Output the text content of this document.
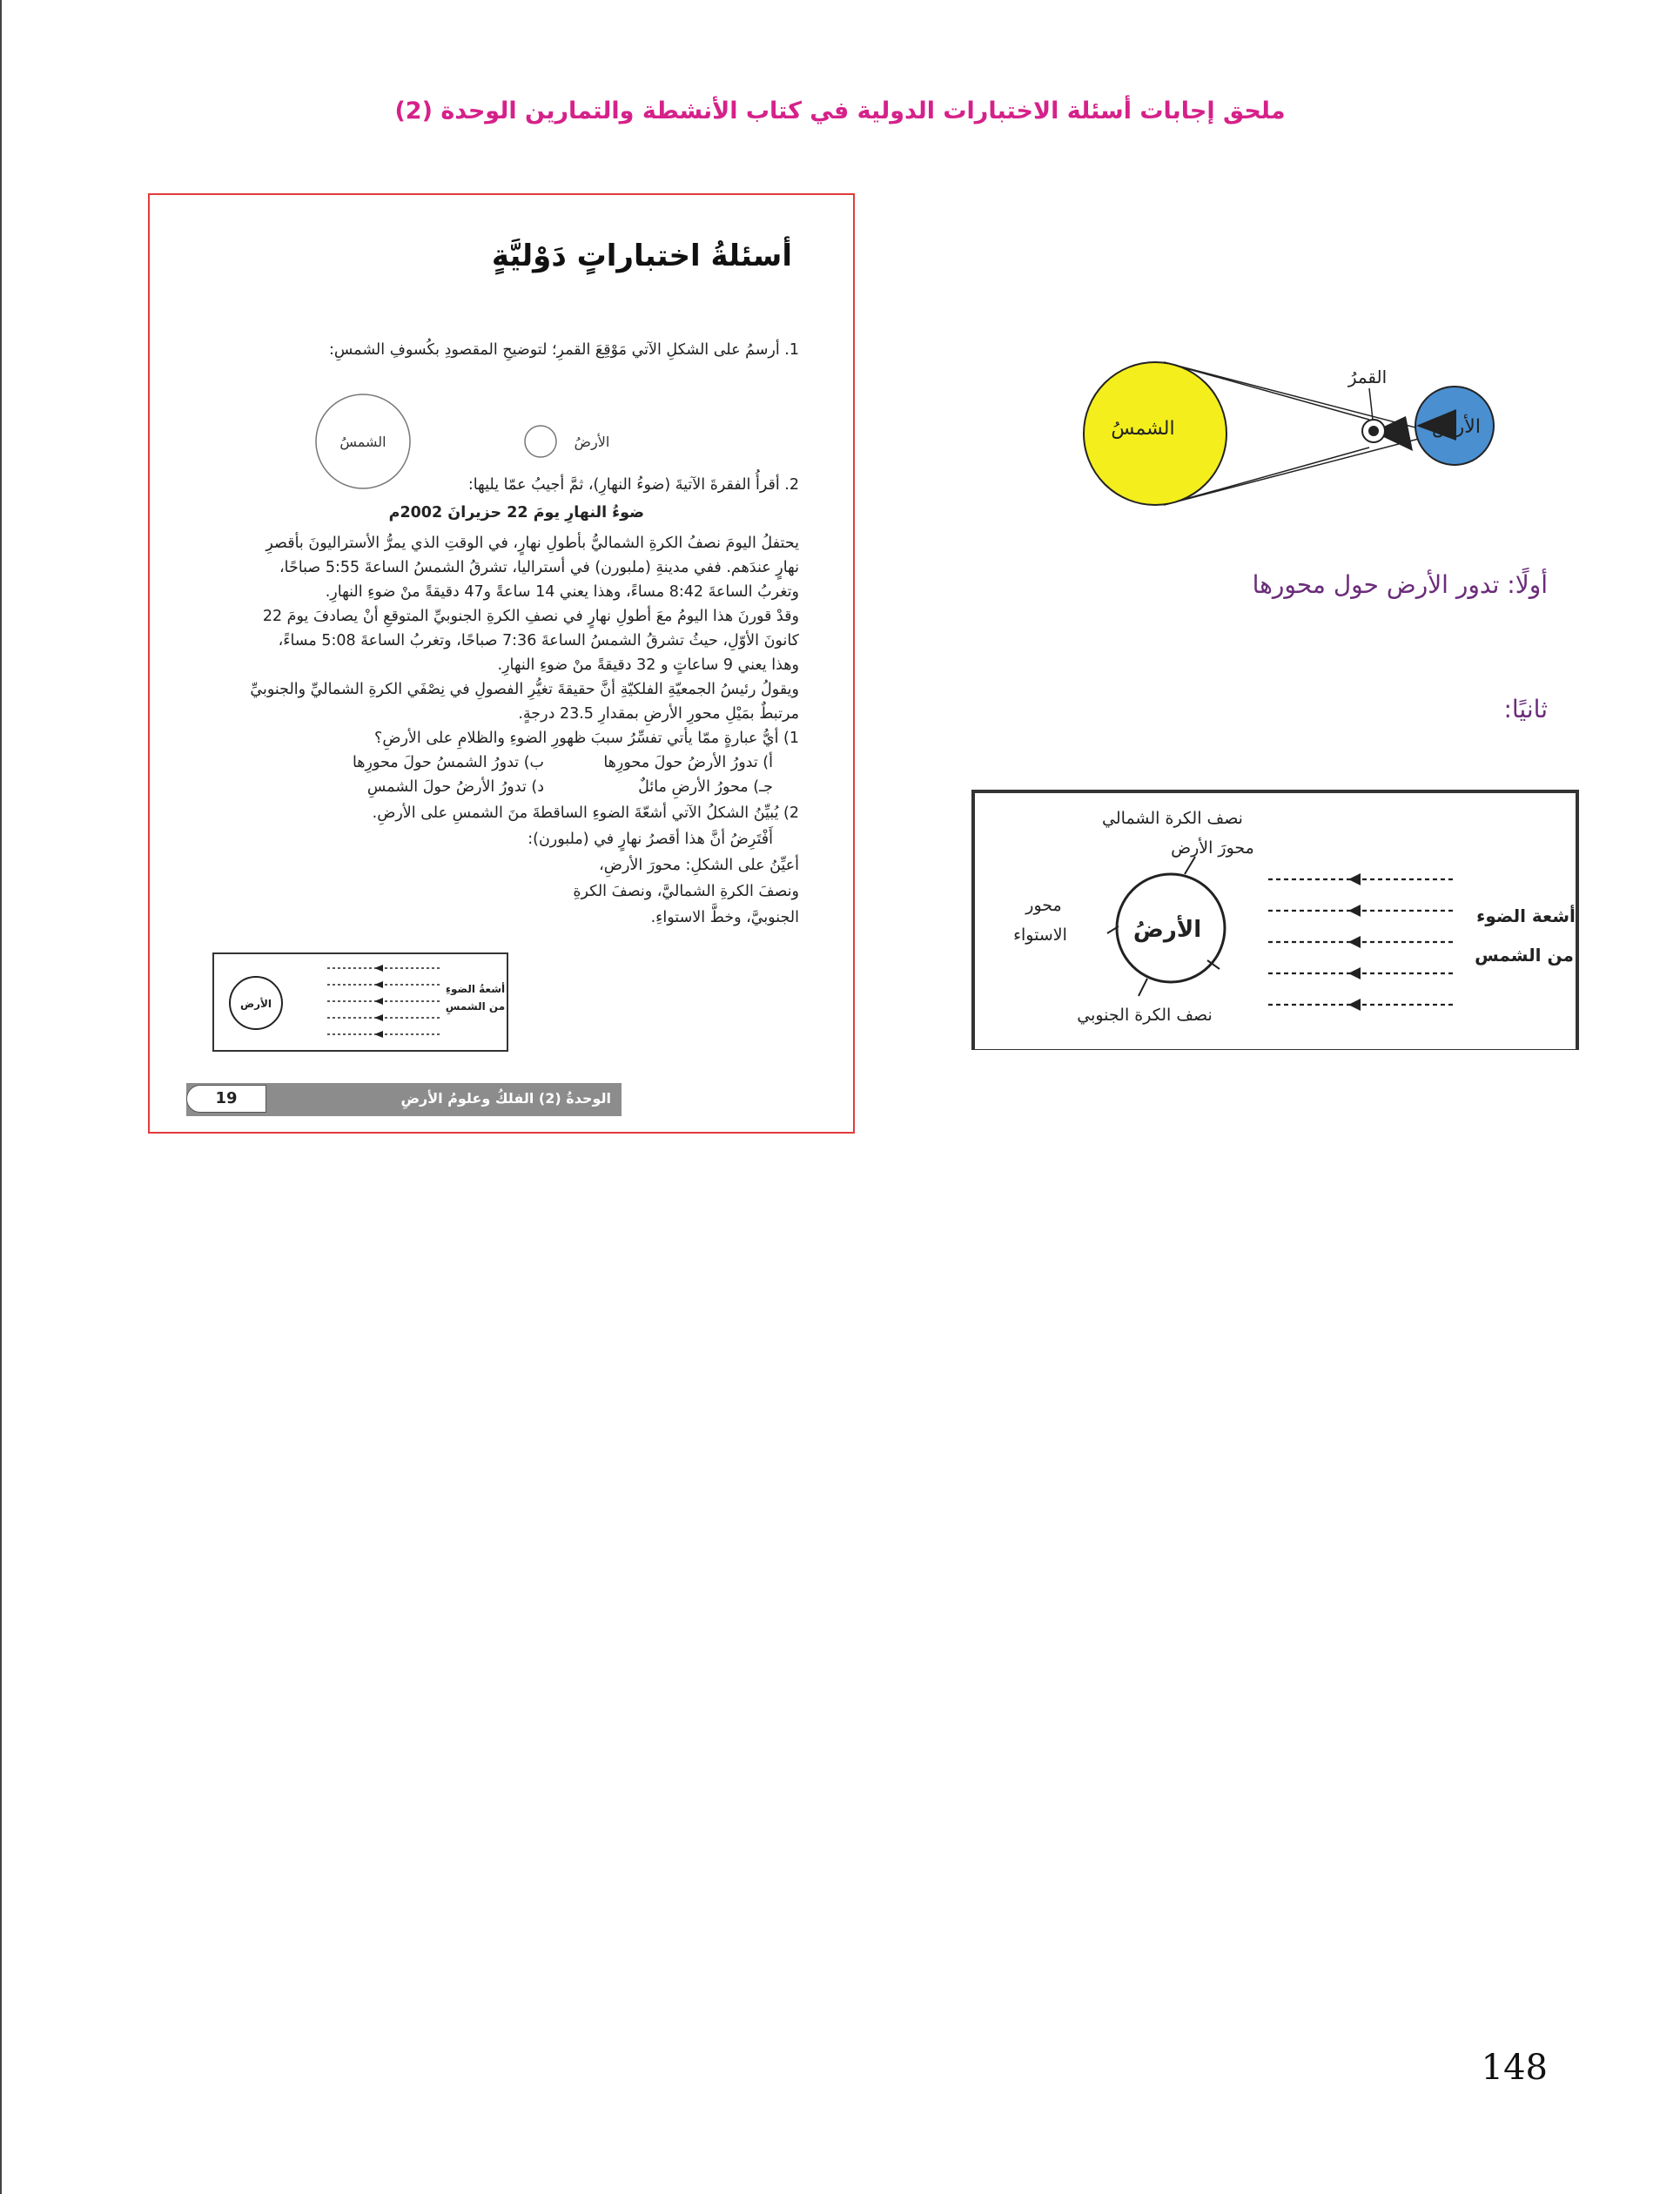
ملحق إجابات أسئلة الاختبارات الدولية في كتاب الأنشطة والتمارين الوحدة (2)
أسئلةُ اختباراتٍ دَوْليَّةٍ
1. أرسمُ على الشكلِ الآتي مَوْقِعَ القمرِ؛ لتوضيحِ المقصودِ بكُسوفِ الشمسِ:
الشمسُ	الأرضُ
2. أقرأُ الفقرةَ الآتيةَ (ضوءُ النهارِ)، ثمَّ أجيبُ عمّا يليها:
ضوءُ النهارِ يومَ 22 حزيرانَ 2002م
يحتفلُ اليومَ نصفُ الكرةِ الشماليُّ بأطولِ نهارٍ، في الوقتِ الذي يمرُّ الأستراليونَ بأقصرِ
نهارٍ عندَهم. ففي مدينةِ (ملبورن) في أستراليا، تشرقُ الشمسُ الساعةَ 5:55 صباحًا،
وتغربُ الساعةَ 8:42 مساءً، وهذا يعني 14 ساعةً و47 دقيقةً منْ ضوءِ النهارِ.
وقدْ قورنَ هذا اليومُ معَ أطولِ نهارٍ في نصفِ الكرةِ الجنوبيِّ المتوقعِ أنْ يصادفَ يومَ 22
كانونَ الأوّلِ، حيثُ تشرقُ الشمسُ الساعةَ 7:36 صباحًا، وتغربُ الساعةَ 5:08 مساءً،
وهذا يعني 9 ساعاتٍ و 32 دقيقةً منْ ضوءِ النهارِ.
ويقولُ رئيسُ الجمعيّةِ الفلكيّةِ أنَّ حقيقةَ تغيُّرِ الفصولِ في نِصْفَي الكرةِ الشماليِّ والجنوبيِّ
مرتبطٌ بمَيْلِ محورِ الأرضِ بمقدارِ 23.5 درجةٍ.
1) أيُّ عبارةٍ ممّا يأتي تفسِّرُ سببَ ظهورِ الضوءِ والظلامِ على الأرضِ؟
أ) تدورُ الأرضُ حولَ محورِها
ب) تدورُ الشمسُ حولَ محورِها
جـ) محورُ الأرضِ مائلٌ
د) تدورُ الأرضُ حولَ الشمسِ
2) يُبيِّنُ الشكلُ الآتي أشعّةَ الضوءِ الساقطةَ منَ الشمسِ على الأرضِ.
أَفْتَرِضُ أنَّ هذا أقصرُ نهارٍ في (ملبورن):
أعيِّنُ على الشكلِ: محورَ الأرضِ،
ونصفَ الكرةِ الشماليَّ، ونصفَ الكرةِ
الجنوبيَّ، وخطَّ الاستواءِ.
الأرض
أشعةُ الضوءِ
من الشمسِ
الوحدةُ (2) الفلكُ وعلومُ الأرضِ
19
الشمسُ	الأرضُ
القمرُ
أولًا: تدور الأرض حول محورها
ثانيًا:
الأرضُ
نصف الكرة الشمالي
محورَ الأرض
محور
الاستواء
نصف الكرة الجنوبي
أشعة الضوء
من الشمس
148
